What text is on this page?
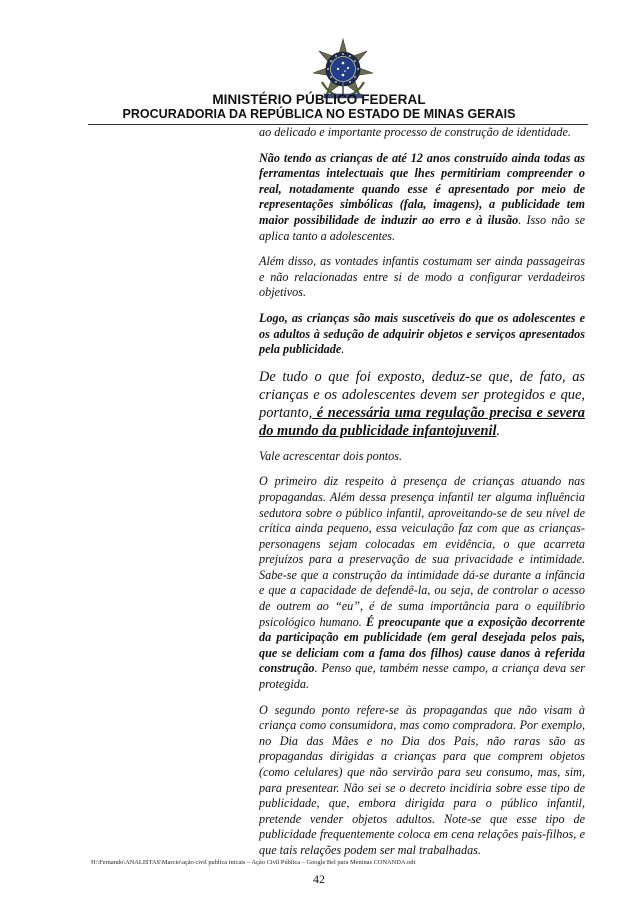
MINISTÉRIO PÚBLICO FEDERAL
PROCURADORIA DA REPÚBLICA NO ESTADO DE MINAS GERAIS

ao delicado e importante processo de construção de identidade.

Não tendo as crianças de até 12 anos construído ainda todas as ferramentas intelectuais que lhes permitiriam compreender o real, notadamente quando esse é apresentado por meio de representações simbólicas (fala, imagens), a publicidade tem maior possibilidade de induzir ao erro e à ilusão. Isso não se aplica tanto a adolescentes.

Além disso, as vontades infantis costumam ser ainda passageiras e não relacionadas entre si de modo a configurar verdadeiros objetivos.

Logo, as crianças são mais suscetíveis do que os adolescentes e os adultos à sedução de adquirir objetos e serviços apresentados pela publicidade.

De tudo o que foi exposto, deduz-se que, de fato, as crianças e os adolescentes devem ser protegidos e que, portanto, é necessária uma regulação precisa e severa do mundo da publicidade infantojuvenil.

Vale acrescentar dois pontos.

O primeiro diz respeito à presença de crianças atuando nas propagandas. Além dessa presença infantil ter alguma influência sedutora sobre o público infantil, aproveitando-se de seu nível de crítica ainda pequeno, essa veiculação faz com que as crianças-personagens sejam colocadas em evidência, o que acarreta prejuízos para a preservação de sua privacidade e intimidade. Sabe-se que a construção da intimidade dá-se durante a infância e que a capacidade de defendê-la, ou seja, de controlar o acesso de outrem ao “eu”, é de suma importância para o equilíbrio psicológico humano. É preocupante que a exposição decorrente da participação em publicidade (em geral desejada pelos pais, que se deliciam com a fama dos filhos) cause danos à referida construção. Penso que, também nesse campo, a criança deva ser protegida.

O segundo ponto refere-se às propagandas que não visam à criança como consumidora, mas como compradora. Por exemplo, no Dia das Mães e no Dia dos Pais, não raras são as propagandas dirigidas a crianças para que comprem objetos (como celulares) que não servirão para seu consumo, mas, sim, para presentear. Não sei se o decreto incidiria sobre esse tipo de publicidade, que, embora dirigida para o público infantil, pretende vender objetos adultos. Note-se que esse tipo de publicidade frequentemente coloca em cena relações pais-filhos, e que tais relações podem ser mal trabalhadas.

H:\Fernando\ANALISTAS\Marcio\ação civil publica inicais – Ação Civil Pública – Google Bel para Meninas CONANDA.odt
42
